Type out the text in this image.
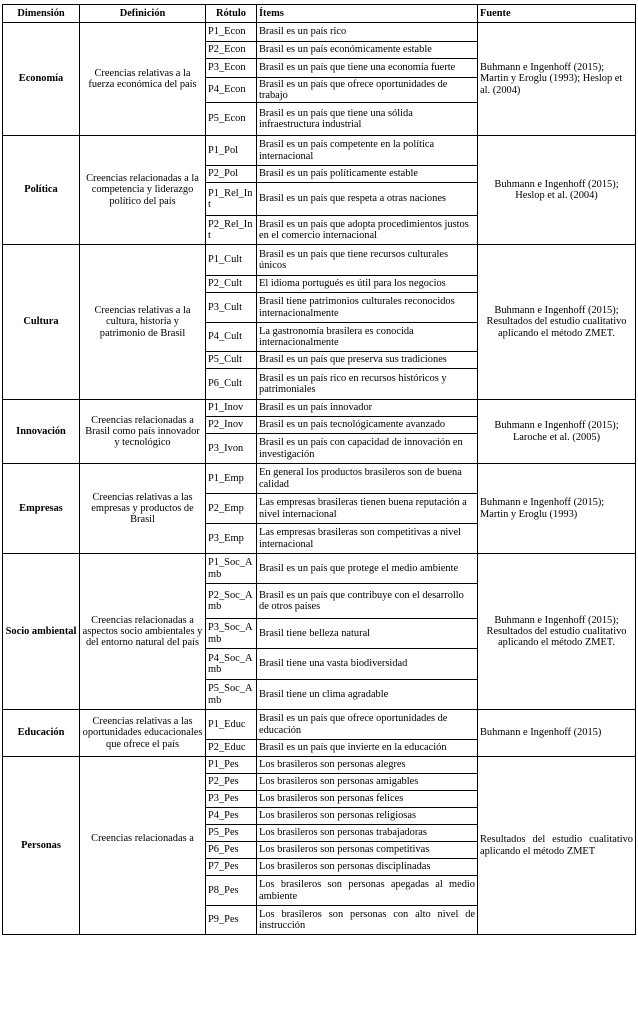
Dimensión	Definición	Rótulo	Ítems	Fuente
Economía	Creencias relativas a la fuerza económica del país	P1_Econ	Brasil es un país rico	Buhmann e Ingenhoff (2015); Martin y Eroglu (1993); Heslop et al. (2004)
		P2_Econ	Brasil es un país económicamente estable	
		P3_Econ	Brasil es un país que tiene una economía fuerte	
		P4_Econ	Brasil es un país que ofrece oportunidades de trabajo	
		P5_Econ	Brasil es un país que tiene una sólida infraestructura industrial	
Política	Creencias relacionadas a la competencia y liderazgo político del país	P1_Pol	Brasil es un país competente en la política internacional	Buhmann e Ingenhoff (2015); Heslop et al. (2004)
		P2_Pol	Brasil es un país políticamente estable	
		P1_Rel_Int	Brasil es un país que respeta a otras naciones	
		P2_Rel_Int	Brasil es un país que adopta procedimientos justos en el comercio internacional	
Cultura	Creencias relativas a la cultura, historia y patrimonio de Brasil	P1_Cult	Brasil es un país que tiene recursos culturales únicos	Buhmann e Ingenhoff (2015); Resultados del estudio cualitativo aplicando el método ZMET.
		P2_Cult	El idioma portugués es útil para los negocios	
		P3_Cult	Brasil tiene patrimonios culturales reconocidos internacionalmente	
		P4_Cult	La gastronomía brasilera es conocida internacionalmente	
		P5_Cult	Brasil es un país que preserva sus tradiciones	
		P6_Cult	Brasil es un país rico en recursos históricos y patrimoniales	
Innovación	Creencias relacionadas a Brasil como país innovador y tecnológico	P1_Inov	Brasil es un país innovador	Buhmann e Ingenhoff (2015); Laroche et al. (2005)
		P2_Inov	Brasil es un país tecnológicamente avanzado	
		P3_Ivon	Brasil es un país con capacidad de innovación en investigación	
Empresas	Creencias relativas a las empresas y productos de Brasil	P1_Emp	En general los productos brasileros son de buena calidad	Buhmann e Ingenhoff (2015); Martin y Eroglu (1993)
		P2_Emp	Las empresas brasileras tienen buena reputación a nivel internacional	
		P3_Emp	Las empresas brasileras son competitivas a nivel internacional	
Socio ambiental	Creencias relacionadas a aspectos socio ambientales y del entorno natural del país	P1_Soc_Amb	Brasil es un país que protege el medio ambiente	Buhmann e Ingenhoff (2015); Resultados del estudio cualitativo aplicando el método ZMET.
		P2_Soc_Amb	Brasil es un país que contribuye con el desarrollo de otros países	
		P3_Soc_Amb	Brasil tiene belleza natural	
		P4_Soc_Amb	Brasil tiene una vasta biodiversidad	
		P5_Soc_Amb	Brasil tiene un clima agradable	
Educación	Creencias relativas a las oportunidades educacionales que ofrece el país	P1_Educ	Brasil es un país que ofrece oportunidades de educación	Buhmann e Ingenhoff (2015)
		P2_Educ	Brasil es un país que invierte en la educación	
Personas	Creencias relacionadas a	P1_Pes	Los brasileros son personas alegres	Resultados del estudio cualitativo aplicando el método ZMET
		P2_Pes	Los brasileros son personas amigables	
		P3_Pes	Los brasileros son personas felices	
		P4_Pes	Los brasileros son personas religiosas	
		P5_Pes	Los brasileros son personas trabajadoras	
		P6_Pes	Los brasileros son personas competitivas	
		P7_Pes	Los brasileros son personas disciplinadas	
		P8_Pes	Los brasileros son personas apegadas al medio ambiente	
		P9_Pes	Los brasileros son personas con alto nivel de instrucción	
